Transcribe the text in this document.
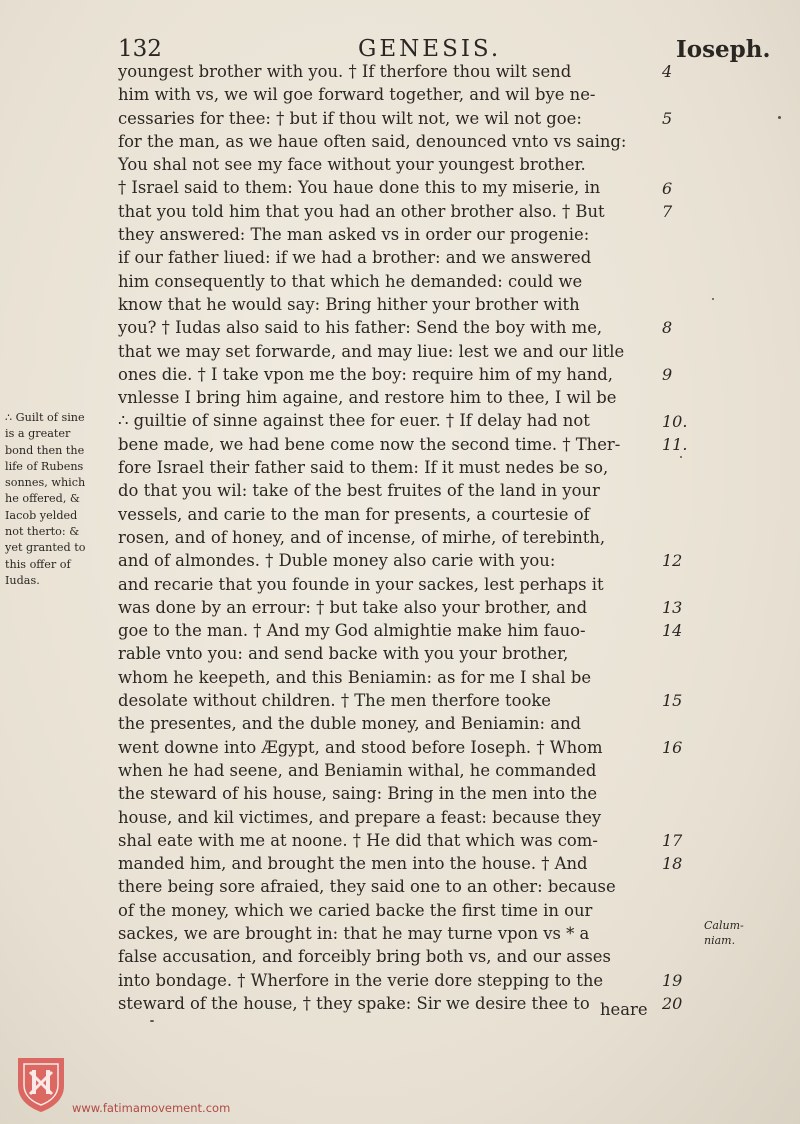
132	GENESIS.	Ioseph.
youngest brother with you. † If therfore thou wilt send
him with vs, we wil goe forward together, and wil bye ne-
cessaries for thee: † but if thou wilt not, we wil not goe:
for the man, as we haue often said, denounced vnto vs saing:
You shal not see my face without your youngest brother.
† Israel said to them: You haue done this to my miserie, in
that you told him that you had an other brother also. † But
they answered: The man asked vs in order our progenie:
if our father liued: if we had a brother: and we answered
him consequently to that which he demanded: could we
know that he would say: Bring hither your brother with
you? † Iudas also said to his father: Send the boy with me,
that we may set forwarde, and may liue: lest we and our litle
ones die. † I take vpon me the boy: require him of my hand,
vnlesse I bring him againe, and restore him to thee, I wil be
∴ guiltie of sinne against thee for euer. † If delay had not
bene made, we had bene come now the second time. † Ther-
fore Israel their father said to them: If it must nedes be so,
do that you wil: take of the best fruites of the land in your
vessels, and carie to the man for presents, a courtesie of
rosen, and of honey, and of incense, of mirhe, of terebinth,
and of almondes. † Duble money also carie with you:
and recarie that you founde in your sackes, lest perhaps it
was done by an errour: † but take also your brother, and
goe to the man. † And my God almightie make him fauo-
rable vnto you: and send backe with you your brother,
whom he keepeth, and this Beniamin: as for me I shal be
desolate without children. † The men therfore tooke
the presentes, and the duble money, and Beniamin: and
went downe into Ægypt, and stood before Ioseph. † Whom
when he had seene, and Beniamin withal, he commanded
the steward of his house, saing: Bring in the men into the
house, and kil victimes, and prepare a feast: because they
shal eate with me at noone. † He did that which was com-
manded him, and brought the men into the house. † And
there being sore afraied, they said one to an other: because
of the money, which we caried backe the first time in our
sackes, we are brought in: that he may turne vpon vs * a
false accusation, and forceibly bring both vs, and our asses
into bondage. † Wherfore in the verie dore stepping to the
steward of the house, † they spake: Sir we desire thee to
4
5
6
7
8
9
10.
11.
12
13
14
15
16
17
18
19
20
∴ Guilt of sine
is a greater
bond then the
life of Rubens
sonnes, which
he offered, &
Iacob yelded
not therto: &
yet granted to
this offer of
Iudas.
Calum-
niam.
heare
www.fatimamovement.com
